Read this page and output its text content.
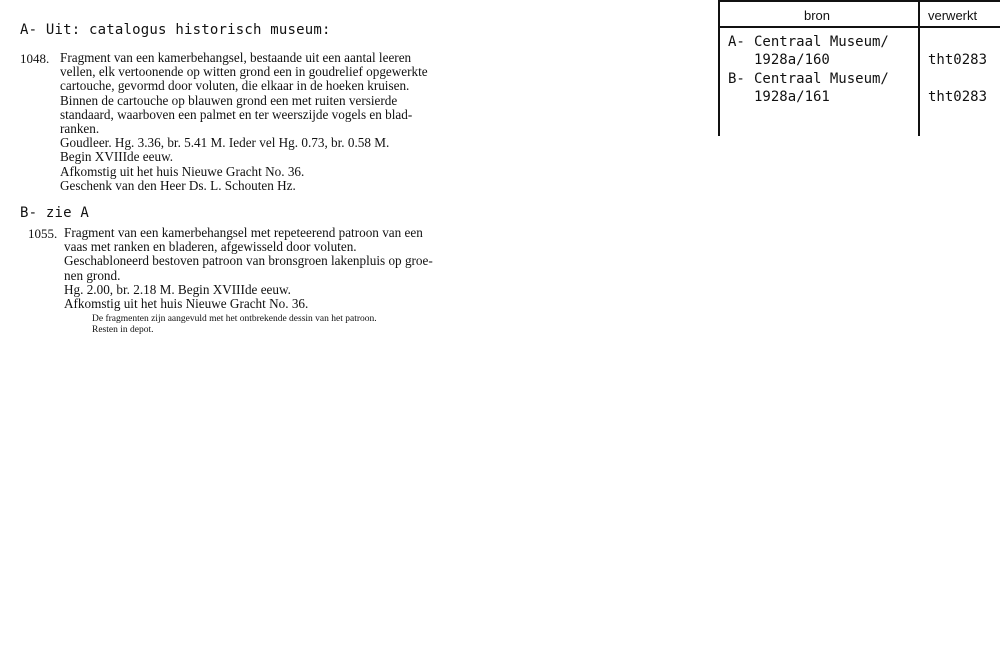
A- Uit: catalogus historisch museum:
1048. Fragment van een kamerbehangsel, bestaande uit een aantal leeren
vellen, elk vertoonende op witten grond een in goudrelief opgewerkte
cartouche, gevormd door voluten, die elkaar in de hoeken kruisen.
Binnen de cartouche op blauwen grond een met ruiten versierde
standaard, waarboven een palmet en ter weerszijde vogels en blad-
ranken.
Goudleer. Hg. 3.36, br. 5.41 M. Ieder vel Hg. 0.73, br. 0.58 M.
Begin XVIIIde eeuw.
Afkomstig uit het huis Nieuwe Gracht No. 36.
Geschenk van den Heer Ds. L. Schouten Hz.
B- zie A
1055. Fragment van een kamerbehangsel met repeteerend patroon van een
vaas met ranken en bladeren, afgewisseld door voluten.
Geschabloneerd bestoven patroon van bronsgroen lakenpluis op groe-
nen grond.
Hg. 2.00, br. 2.18 M. Begin XVIIIde eeuw.
Afkomstig uit het huis Nieuwe Gracht No. 36.
De fragmenten zijn aangevuld met het ontbrekende dessin van het patroon.
Resten in depot.
bron	verwerkt
A- Centraal Museum/
1928a/160	tht0283
B- Centraal Museum/
1928a/161	tht0283
